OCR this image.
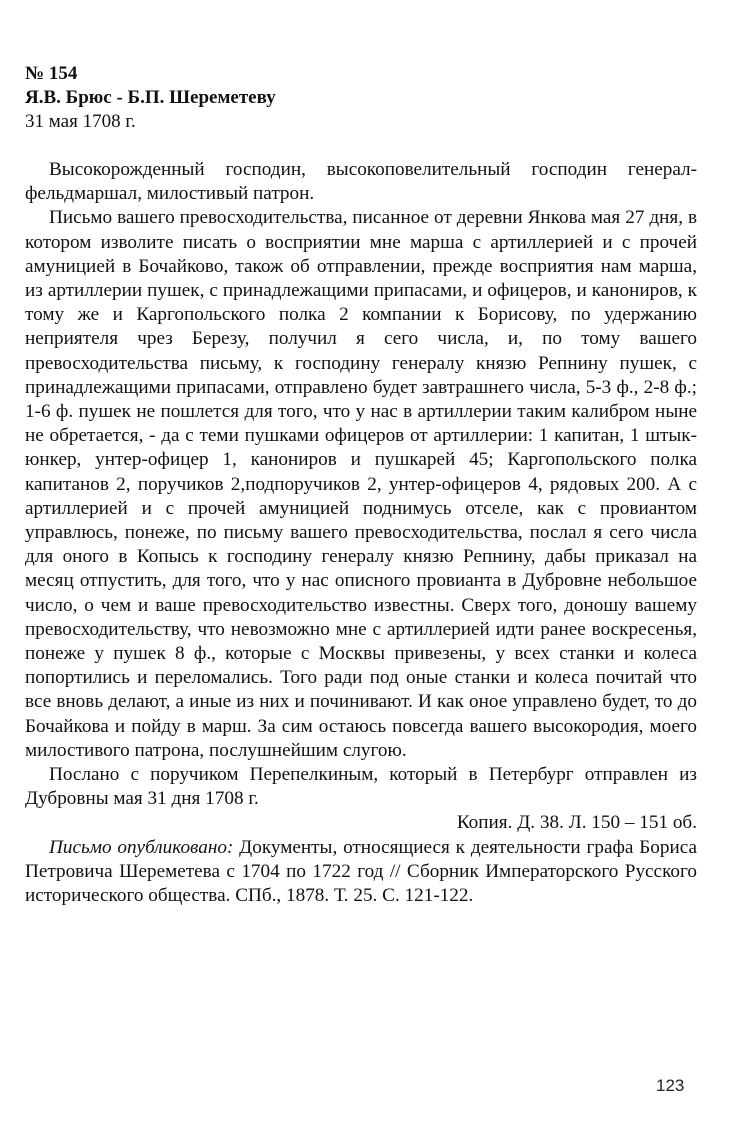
№ 154
Я.В. Брюс - Б.П. Шереметеву
31 мая 1708 г.

Высокорожденный господин, высокоповелительный господин генерал-фельдмаршал, милостивый патрон.

Письмо вашего превосходительства, писанное от деревни Янкова мая 27 дня, в котором изволите писать о восприятии мне марша с артиллерией и с прочей амуницией в Бочайково, також об отправлении, прежде восприятия нам марша, из артиллерии пушек, с принадлежащими припасами, и офицеров, и канониров, к тому же и Каргопольского полка 2 компании к Борисову, по удержанию неприятеля чрез Березу, получил я сего числа, и, по тому вашего превосходительства письму, к господину генералу князю Репнину пушек, с принадлежащими припасами, отправлено будет завтрашнего числа, 5-3 ф., 2-8 ф.; 1-6 ф. пушек не пошлется для того, что у нас в артиллерии таким калибром ныне не обретается, - да с теми пушками офицеров от артиллерии: 1 капитан, 1 штык-юнкер, унтер-офицер 1, канониров и пушкарей 45; Каргопольского полка капитанов 2, поручиков 2,подпоручиков 2, унтер-офицеров 4, рядовых 200. А с артиллерией и с прочей амуницией поднимусь отселе, как с провиантом управлюсь, понеже, по письму вашего превосходительства, послал я сего числа для оного в Копысь к господину генералу князю Репнину, дабы приказал на месяц отпустить, для того, что у нас описного провианта в Дубровне небольшое число, о чем и ваше превосходительство известны. Сверх того, доношу вашему превосходительству, что невозможно мне с артиллерией идти ранее воскресенья, понеже у пушек 8 ф., которые с Москвы привезены, у всех станки и колеса попортились и переломались. Того ради под оные станки и колеса почитай что все вновь делают, а иные из них и починивают. И как оное управлено будет, то до Бочайкова и пойду в марш. За сим остаюсь повсегда вашего высокородия, моего милостивого патрона, послушнейшим слугою.

Послано с поручиком Перепелкиным, который в Петербург отправлен из Дубровны мая 31 дня 1708 г.

Копия. Д. 38. Л. 150 – 151 об.

Письмо опубликовано: Документы, относящиеся к деятельности графа Бориса Петровича Шереметева с 1704 по 1722 год // Сборник Императорского Русского исторического общества. СПб., 1878. Т. 25. С. 121-122.

123
